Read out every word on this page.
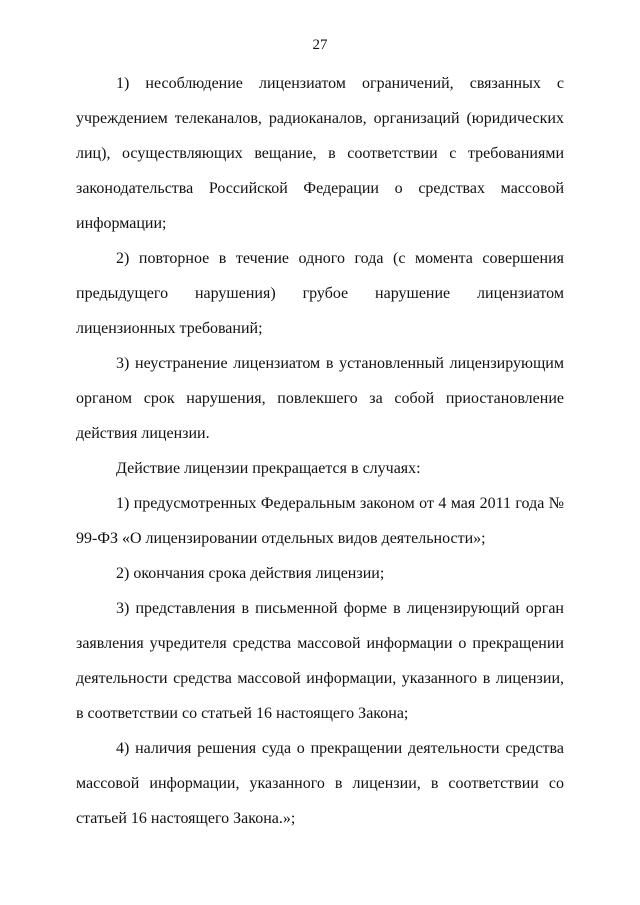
27

1) несоблюдение лицензиатом ограничений, связанных с учреждением телеканалов, радиоканалов, организаций (юридических лиц), осуществляющих вещание, в соответствии с требованиями законодательства Российской Федерации о средствах массовой информации;

2) повторное в течение одного года (с момента совершения предыдущего нарушения) грубое нарушение лицензиатом лицензионных требований;

3) неустранение лицензиатом в установленный лицензирующим органом срок нарушения, повлекшего за собой приостановление действия лицензии.

Действие лицензии прекращается в случаях:

1) предусмотренных Федеральным законом от 4 мая 2011 года № 99-ФЗ «О лицензировании отдельных видов деятельности»;

2) окончания срока действия лицензии;

3) представления в письменной форме в лицензирующий орган заявления учредителя средства массовой информации о прекращении деятельности средства массовой информации, указанного в лицензии, в соответствии со статьей 16 настоящего Закона;

4) наличия решения суда о прекращении деятельности средства массовой информации, указанного в лицензии, в соответствии со статьей 16 настоящего Закона.»;
